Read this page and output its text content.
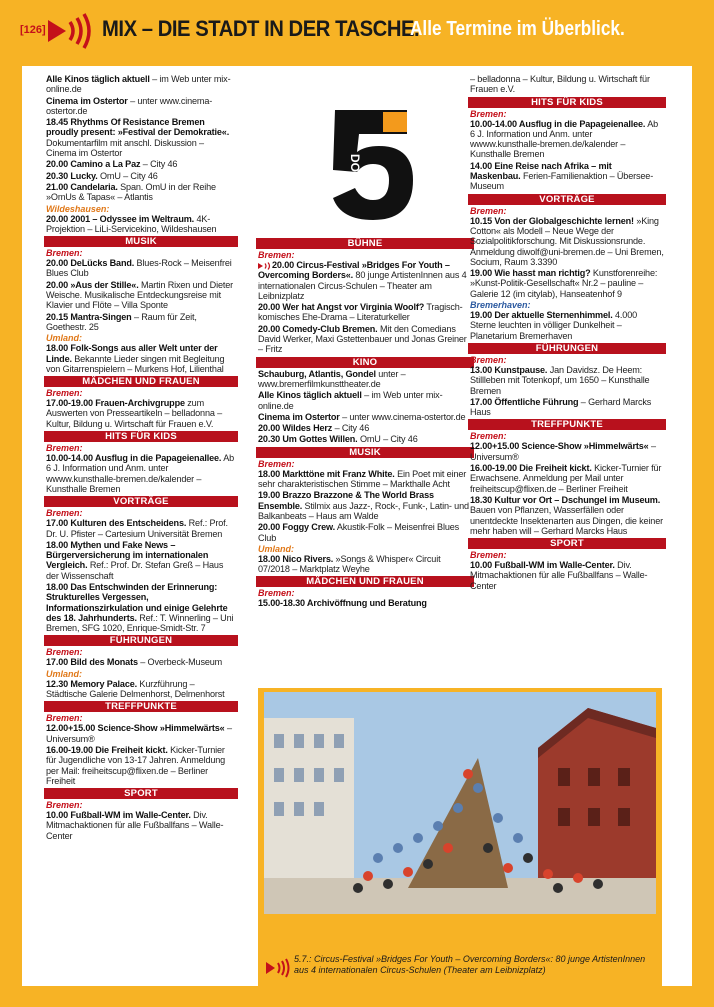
[126]	MIX – DIE STADT IN DER TASCHE.
Alle Termine im Überblick.
Alle Kinos täglich aktuell – im Web unter mix-online.de
Cinema im Ostertor – unter www.cinema-ostertor.de
18.45 Rhythms Of Resistance Bremen proudly present: »Festival der Demokratie«. Dokumentarfilm mit anschl. Diskussion – Cinema im Ostertor
20.00 Camino a La Paz – City 46
20.30 Lucky. OmU – City 46
21.00 Candelaria. Span. OmU in der Reihe »OmUs & Tapas« – Atlantis
Wildeshausen:
20.00 2001 – Odyssee im Weltraum. 4K-Projektion – LiLi-Servicekino, Wildeshausen
MUSIK
Bremen:
20.00 DeLücks Band. Blues-Rock – Meisenfrei Blues Club
20.00 »Aus der Stille«. Martin Rixen und Dieter Weische. Musikalische Entdeckungsreise mit Klavier und Flöte – Villa Sponte
20.15 Mantra-Singen – Raum für Zeit, Goethestr. 25
Umland:
18.00 Folk-Songs aus aller Welt unter der Linde. Bekannte Lieder singen mit Begleitung von Gitarrenspielern – Murkens Hof, Lilienthal
MÄDCHEN UND FRAUEN
Bremen:
17.00-19.00 Frauen-Archivgruppe zum Auswerten von Presseartikeln – belladonna – Kultur, Bildung u. Wirtschaft für Frauen e.V.
HITS FÜR KIDS
Bremen:
10.00-14.00 Ausflug in die Papageienallee. Ab 6 J. Information und Anm. unter wwww.kunsthalle-bremen.de/kalender – Kunsthalle Bremen
VORTRÄGE
Bremen:
17.00 Kulturen des Entscheidens. Ref.: Prof. Dr. U. Pfister – Cartesium Universität Bremen
18.00 Mythen und Fake News – Bürgerversicherung im internationalen Vergleich. Ref.: Prof. Dr. Stefan Greß – Haus der Wissenschaft
18.00 Das Entschwinden der Erinnerung: Strukturelles Vergessen, Informationszirkulation und einige Gelehrte des 18. Jahrhunderts. Ref.: T. Winnerling – Uni Bremen, SFG 1020, Enrique-Smidt-Str. 7
FÜHRUNGEN
Bremen:
17.00 Bild des Monats – Overbeck-Museum
Umland:
12.30 Memory Palace. Kurzführung – Städtische Galerie Delmenhorst, Delmenhorst
TREFFPUNKTE
Bremen:
12.00+15.00 Science-Show »Himmelwärts« – Universum®
16.00-19.00 Die Freiheit kickt. Kicker-Turnier für Jugendliche von 13-17 Jahren. Anmeldung per Mail: freiheitscup@flixen.de – Berliner Freiheit
SPORT
Bremen:
10.00 Fußball-WM im Walle-Center. Div. Mitmachaktionen für alle Fußballfans – Walle-Center
DO
BÜHNE
Bremen:
20.00 Circus-Festival »Bridges For Youth – Overcoming Borders«. 80 junge ArtistenInnen aus 4 internationalen Circus-Schulen – Theater am Leibnizplatz
20.00 Wer hat Angst vor Virginia Woolf? Tragisch-komisches Ehe-Drama – Literaturkeller
20.00 Comedy-Club Bremen. Mit den Comedians David Werker, Maxi Gstettenbauer und Jonas Greiner – Fritz
KINO
Schauburg, Atlantis, Gondel unter – www.bremerfilmkunsttheater.de
Alle Kinos täglich aktuell – im Web unter mix-online.de
Cinema im Ostertor – unter www.cinema-ostertor.de
20.00 Wildes Herz – City 46
20.30 Um Gottes Willen. OmU – City 46
MUSIK
Bremen:
18.00 Markttöne mit Franz White. Ein Poet mit einer sehr charakteristischen Stimme – Markthalle Acht
19.00 Brazzo Brazzone & The World Brass Ensemble. Stilmix aus Jazz-, Rock-, Funk-, Latin- und Balkanbeats – Haus am Walde
20.00 Foggy Crew. Akustik-Folk – Meisenfrei Blues Club
Umland:
18.00 Nico Rivers. »Songs & Whisper« Circuit 07/2018 – Marktplatz Weyhe
MÄDCHEN UND FRAUEN
Bremen:
15.00-18.30 Archivöffnung und Beratung
– belladonna – Kultur, Bildung u. Wirtschaft für Frauen e.V.
HITS FÜR KIDS
Bremen:
10.00-14.00 Ausflug in die Papageienallee. Ab 6 J. Information und Anm. unter wwww.kunsthalle-bremen.de/kalender – Kunsthalle Bremen
14.00 Eine Reise nach Afrika – mit Maskenbau. Ferien-Familienaktion – Übersee-Museum
VORTRÄGE
Bremen:
10.15 Von der Globalgeschichte lernen! »King Cotton« als Modell – Neue Wege der Sozialpolitikforschung. Mit Diskussionsrunde. Anmeldung diwolf@uni-bremen.de – Uni Bremen, Socium, Raum 3.3390
19.00 Wie hasst man richtig? Kunstforenreihe: »Kunst-Politik-Gesellschaft« Nr.2 – pauline – Galerie 12 (im citylab), Hanseatenhof 9
Bremerhaven:
19.00 Der aktuelle Sternenhimmel. 4.000 Sterne leuchten in völliger Dunkelheit – Planetarium Bremerhaven
FÜHRUNGEN
Bremen:
13.00 Kunstpause. Jan Davidsz. De Heem: Stillleben mit Totenkopf, um 1650 – Kunsthalle Bremen
17.00 Öffentliche Führung – Gerhard Marcks Haus
TREFFPUNKTE
Bremen:
12.00+15.00 Science-Show »Himmelwärts« – Universum®
16.00-19.00 Die Freiheit kickt. Kicker-Turnier für Erwachsene. Anmeldung per Mail unter freiheitscup@flixen.de – Berliner Freiheit
18.30 Kultur vor Ort – Dschungel im Museum. Bauen von Pflanzen, Wasserfällen oder unentdeckte Insektenarten aus Dingen, die keiner mehr haben will – Gerhard Marcks Haus
SPORT
Bremen:
10.00 Fußball-WM im Walle-Center. Div. Mitmachaktionen für alle Fußballfans – Walle-Center
5.7.: Circus-Festival »Bridges For Youth – Overcoming Borders«: 80 junge ArtistenInnen aus 4 internationalen Circus-Schulen (Theater am Leibnizplatz)
